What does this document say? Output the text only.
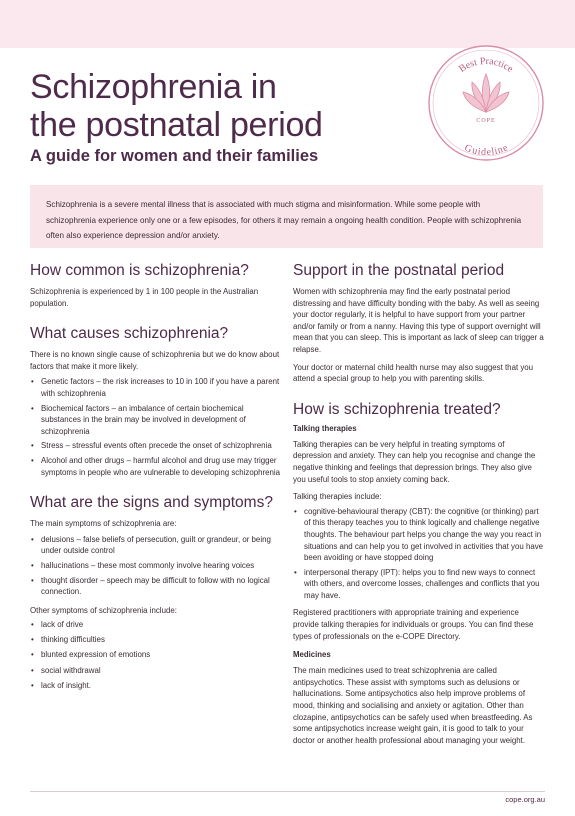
Schizophrenia in
the postnatal period
A guide for women and their families
Best Practice
Guideline
COPE
Schizophrenia is a severe mental illness that is associated with much stigma and misinformation. While some people with schizophrenia experience only one or a few episodes, for others it may remain a ongoing health condition. People with schizophrenia often also experience depression and/or anxiety.
How common is schizophrenia?

Schizophrenia is experienced by 1 in 100 people in the Australian population.

What causes schizophrenia?

There is no known single cause of schizophrenia but we do know about factors that make it more likely.

• Genetic factors – the risk increases to 10 in 100 if you have a parent with schizophrenia
• Biochemical factors – an imbalance of certain biochemical substances in the brain may be involved in development of schizophrenia
• Stress – stressful events often precede the onset of schizophrenia
• Alcohol and other drugs – harmful alcohol and drug use may trigger symptoms in people who are vulnerable to developing schizophrenia
What are the signs and symptoms?

The main symptoms of schizophrenia are:

• delusions – false beliefs of persecution, guilt or grandeur, or being under outside control
• hallucinations – these most commonly involve hearing voices
• thought disorder – speech may be difficult to follow with no logical connection.

Other symptoms of schizophrenia include:

• lack of drive
• thinking difficulties
• blunted expression of emotions
• social withdrawal
• lack of insight.
Support in the postnatal period

Women with schizophrenia may find the early postnatal period distressing and have difficulty bonding with the baby. As well as seeing your doctor regularly, it is helpful to have support from your partner and/or family or from a nanny. Having this type of support overnight will mean that you can sleep. This is important as lack of sleep can trigger a relapse.

Your doctor or maternal child health nurse may also suggest that you attend a special group to help you with parenting skills.

How is schizophrenia treated?
Talking therapies

Talking therapies can be very helpful in treating symptoms of depression and anxiety. They can help you recognise and change the negative thinking and feelings that depression brings. They also give you useful tools to stop anxiety coming back.

Talking therapies include:

• cognitive-behavioural therapy (CBT): the cognitive (or thinking) part of this therapy teaches you to think logically and challenge negative thoughts. The behaviour part helps you change the way you react in situations and can help you to get involved in activities that you have been avoiding or have stopped doing
• interpersonal therapy (IPT): helps you to find new ways to connect with others, and overcome losses, challenges and conflicts that you may have.

Registered practitioners with appropriate training and experience provide talking therapies for individuals or groups. You can find these types of professionals on the e-COPE Directory.

Medicines

The main medicines used to treat schizophrenia are called antipsychotics. These assist with symptoms such as delusions or hallucinations. Some antipsychotics also help improve problems of mood, thinking and socialising and anxiety or agitation. Other than clozapine, antipsychotics can be safely used when breastfeeding. As some antipsychotics increase weight gain, it is good to talk to your doctor or another health professional about managing your weight.

cope.org.au
